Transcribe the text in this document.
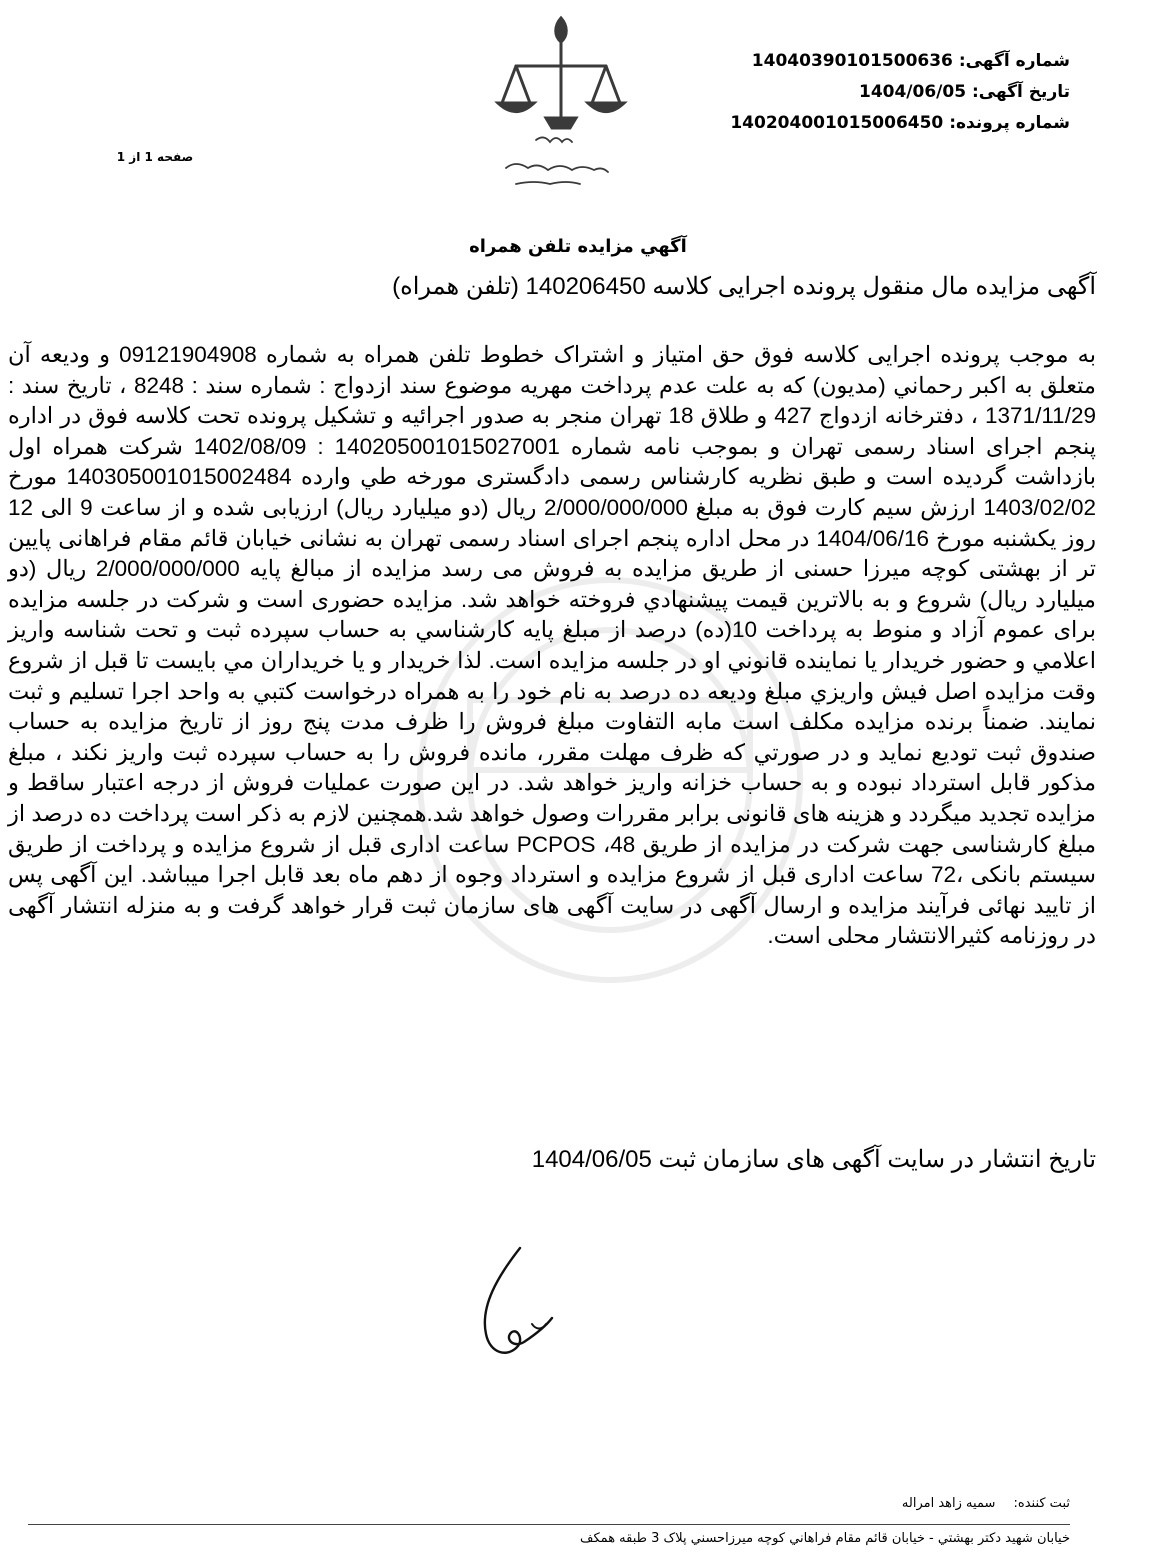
شماره آگهی: 14040390101500636
تاریخ آگهی: 1404/06/05
شماره پرونده: 140204001015006450
صفحه 1 از 1
آگهي مزايده تلفن همراه
آگهی مزایده مال منقول پرونده اجرایی کلاسه 140206450 (تلفن همراه)
به موجب پرونده اجرایی کلاسه فوق حق امتیاز و اشتراک خطوط تلفن همراه به شماره 09121904908 و ودیعه آن متعلق به اکبر رحماني (مديون) که به علت عدم پرداخت مهریه موضوع سند ازدواج : شماره سند : 8248 ، تاریخ سند : 1371/11/29 ، دفترخانه ازدواج 427 و طلاق 18 تهران منجر به صدور اجرائیه و تشکیل پرونده تحت کلاسه فوق در اداره پنجم اجرای اسناد رسمی تهران و بموجب نامه شماره 140205001015027001 : 1402/08/09 شرکت همراه اول بازداشت گردیده است و طبق نظریه کارشناس رسمی دادگستری مورخه طي وارده 140305001015002484 مورخ 1403/02/02 ارزش سیم کارت فوق به مبلغ 2/000/000/000 ریال (دو میلیارد ریال) ارزیابی شده و از ساعت 9 الی 12 روز یکشنبه مورخ 1404/06/16 در محل اداره پنجم اجرای اسناد رسمی تهران به نشانی خیابان قائم مقام فراهانی پایین تر از بهشتی کوچه میرزا حسنی از طریق مزایده به فروش می رسد مزایده از مبالغ پایه 2/000/000/000 ریال (دو میلیارد ریال) شروع و به بالاترين قيمت پيشنهادي فروخته خواهد شد. مزايده حضوری است و شرکت در جلسه مزایده برای عموم آزاد و منوط به پرداخت 10(ده) درصد از مبلغ پایه کارشناسي به حساب سپرده ثبت و تحت شناسه واريز اعلامي و حضور خريدار يا نماينده قانوني او در جلسه مزايده است. لذا خريدار و يا خريداران مي بايست تا قبل از شروع وقت مزايده اصل فيش واريزي مبلغ وديعه ده درصد به نام خود را به همراه درخواست کتبي به واحد اجرا تسليم و ثبت نمايند. ضمناً برنده مزايده مكلف است مابه التفاوت مبلغ فروش را ظرف مدت پنج روز از تاريخ مزايده به حساب صندوق ثبت توديع نمايد و در صورتي که ظرف مهلت مقرر، مانده فروش را به حساب سپرده ثبت واريز نکند ، مبلغ مذکور قابل استرداد نبوده و به حساب خزانه واريز خواهد شد. در اين صورت عمليات فروش از درجه اعتبار ساقط و مزايده تجديد ميگردد و هزينه های قانونی برابر مقررات وصول خواهد شد.همچنین لازم به ذکر است پرداخت ده درصد از مبلغ کارشناسی جهت شرکت در مزایده از طریق PCPOS ،48 ساعت اداری قبل از شروع مزایده و پرداخت از طریق سیستم بانکی ،72 ساعت اداری قبل از شروع مزایده و استرداد وجوه از دهم ماه بعد قابل اجرا میباشد. این آگهی پس از تایید نهائی فرآیند مزایده و ارسال آگهی در سایت آگهی های سازمان ثبت قرار خواهد گرفت و به منزله انتشار آگهی در روزنامه کثیرالانتشار محلی است.
تاریخ انتشار در سایت آگهی های سازمان ثبت 1404/06/05
ثبت کننده: سمیه زاهد امراله
خيابان شهيد دکتر بهشتي - خيابان قائم مقام فراهاني کوچه ميرزاحسني پلاک 3 طبقه همکف
